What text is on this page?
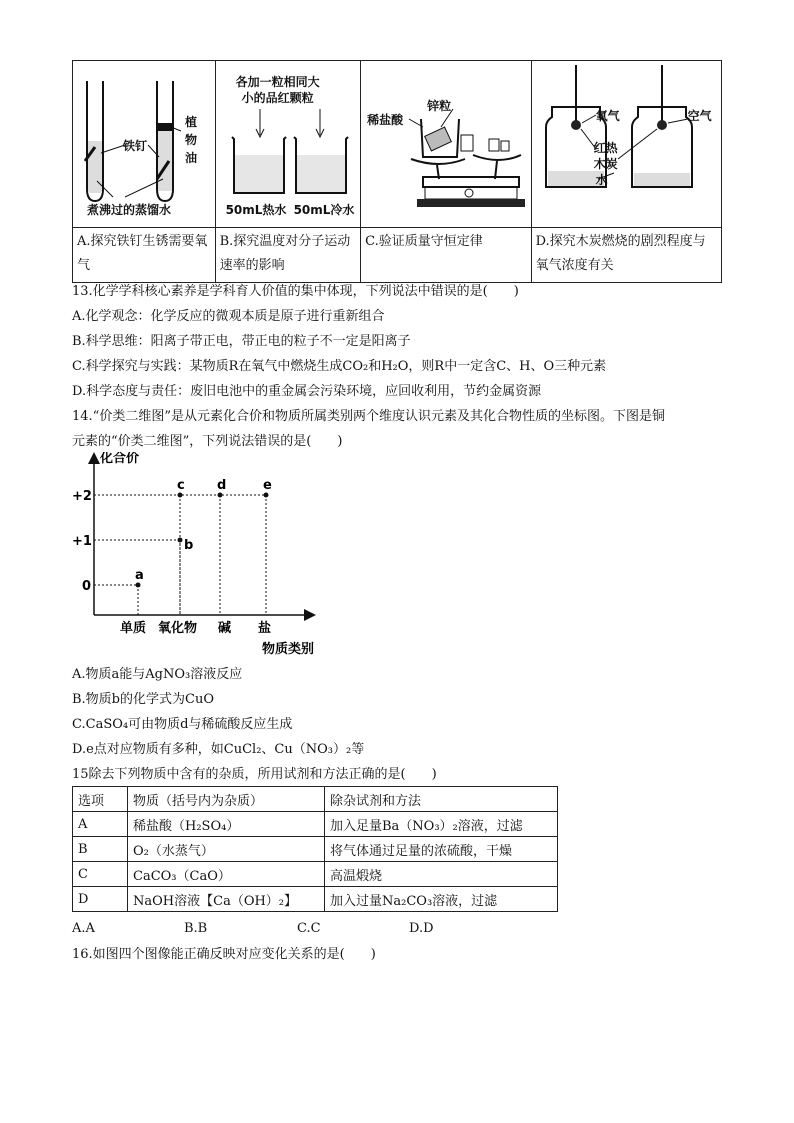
铁钉
植
物
油
煮沸过的蒸馏水	各加一粒相同大
小的品红颗粒
50mL热水 50mL冷水	稀盐酸
锌粒	氧气 空气
红热
木炭
水

A.探究铁钉生锈需要氧气	B.探究温度对分子运动速率的影响	C.验证质量守恒定律	D.探究木炭燃烧的剧烈程度与氧气浓度有关
13.化学学科核心素养是学科育人价值的集中体现，下列说法中错误的是(　　)
A.化学观念：化学反应的微观本质是原子进行重新组合
B.科学思维：阳离子带正电，带正电的粒子不一定是阳离子
C.科学探究与实践：某物质R在氧气中燃烧生成CO₂和H₂O，则R中一定含C、H、O三种元素
D.科学态度与责任：废旧电池中的重金属会污染环境，应回收利用，节约金属资源
14.“价类二维图”是从元素化合价和物质所属类别两个维度认识元素及其化合物性质的坐标图。下图是铜
元素的“价类二维图”，下列说法错误的是(　　)
化合价
物质类别
+2
+1
0
单质 氧化物 碱 盐
a
b
c d	e
A.物质a能与AgNO₃溶液反应
B.物质b的化学式为CuO
C.CaSO₄可由物质d与稀硫酸反应生成
D.e点对应物质有多种，如CuCl₂、Cu（NO₃）₂等
15除去下列物质中含有的杂质，所用试剂和方法正确的是(　　)
选项	物质（括号内为杂质）	除杂试剂和方法
A	稀盐酸（H₂SO₄）	加入足量Ba（NO₃）₂溶液，过滤
B	O₂（水蒸气）	将气体通过足量的浓硫酸，干燥
C	CaCO₃（CaO）	高温煅烧
D	NaOH溶液【Ca（OH）₂】	加入过量Na₂CO₃溶液，过滤
A.A	B.B	C.C	D.D
16.如图四个图像能正确反映对应变化关系的是(　　)
